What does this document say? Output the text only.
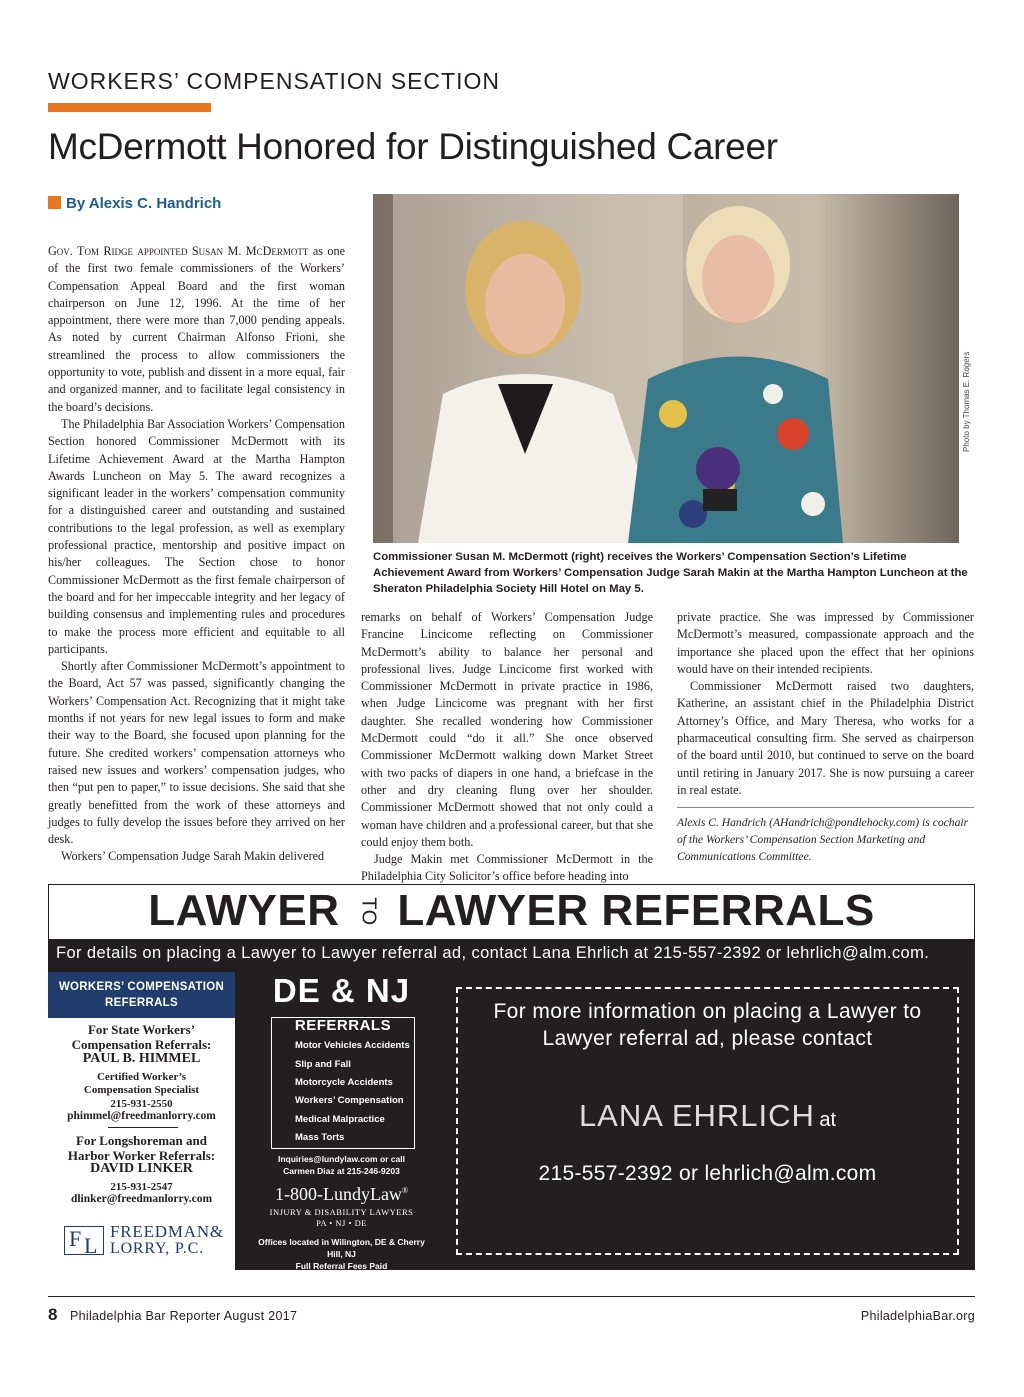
WORKERS’ COMPENSATION SECTION
McDermott Honored for Distinguished Career
By Alexis C. Handrich

Gov. Tom Ridge appointed Susan M. McDermott as one of the first two female commissioners of the Workers’ Compensation Appeal Board and the first woman chairperson on June 12, 1996. At the time of her appointment, there were more than 7,000 pending appeals. As noted by current Chairman Alfonso Frioni, she streamlined the process to allow commissioners the opportunity to vote, publish and dissent in a more equal, fair and organized manner, and to facilitate legal consistency in the board’s decisions.

The Philadelphia Bar Association Workers’ Compensation Section honored Commissioner McDermott with its Lifetime Achievement Award at the Martha Hampton Awards Luncheon on May 5. The award recognizes a significant leader in the workers’ compensation community for a distinguished career and outstanding and sustained contributions to the legal profession, as well as exemplary professional practice, mentorship and positive impact on his/her colleagues. The Section chose to honor Commissioner McDermott as the first female chairperson of the board and for her impeccable integrity and her legacy of building consensus and implementing rules and procedures to make the process more efficient and equitable to all participants.

Shortly after Commissioner McDermott’s appointment to the Board, Act 57 was passed, significantly changing the Workers’ Compensation Act. Recognizing that it might take months if not years for new legal issues to form and make their way to the Board, she focused upon planning for the future. She credited workers’ compensation attorneys who raised new issues and workers’ compensation judges, who then “put pen to paper,” to issue decisions. She said that she greatly benefitted from the work of these attorneys and judges to fully develop the issues before they arrived on her desk.

Workers’ Compensation Judge Sarah Makin delivered

Photo by Thomas E. Rogers
Commissioner Susan M. McDermott (right) receives the Workers’ Compensation Section’s Lifetime Achievement Award from Workers’ Compensation Judge Sarah Makin at the Martha Hampton Luncheon at the Sheraton Philadelphia Society Hill Hotel on May 5.

remarks on behalf of Workers’ Compensation Judge Francine Lincicome reflecting on Commissioner McDermott’s ability to balance her personal and professional lives. Judge Lincicome first worked with Commissioner McDermott in private practice in 1986, when Judge Lincicome was pregnant with her first daughter. She recalled wondering how Commissioner McDermott could “do it all.” She once observed Commissioner McDermott walking down Market Street with two packs of diapers in one hand, a briefcase in the other and dry cleaning flung over her shoulder. Commissioner McDermott showed that not only could a woman have children and a professional career, but that she could enjoy them both.

Judge Makin met Commissioner McDermott in the Philadelphia City Solicitor’s office before heading into

private practice. She was impressed by Commissioner McDermott’s measured, compassionate approach and the importance she placed upon the effect that her opinions would have on their intended recipients.

Commissioner McDermott raised two daughters, Katherine, an assistant chief in the Philadelphia District Attorney’s Office, and Mary Theresa, who works for a pharmaceutical consulting firm. She served as chairperson of the board until 2010, but continued to serve on the board until retiring in January 2017. She is now pursuing a career in real estate.

Alexis C. Handrich (AHandrich@pondlehocky.com) is cochair of the Workers’ Compensation Section Marketing and Communications Committee.
LAWYER TO LAWYER REFERRALS
For details on placing a Lawyer to Lawyer referral ad, contact Lana Ehrlich at 215-557-2392 or lehrlich@alm.com.
WORKERS’ COMPENSATION
REFERRALS
For State Workers’
Compensation Referrals:
PAUL B. HIMMEL
Certified Worker’s
Compensation Specialist
215-931-2550
phimmel@freedmanlorry.com
For Longshoreman and
Harbor Worker Referrals:
DAVID LINKER
215-931-2547
dlinker@freedmanlorry.com
F L
FREEDMAN&
LORRY, P.C.
DE & NJ
REFERRALS
Motor Vehicles Accidents
Slip and Fall
Motorcycle Accidents
Workers’ Compensation
Medical Malpractice
Mass Torts
Inquiries@lundylaw.com or call
Carmen Diaz at 215-246-9203
1-800-LundyLaw®
INJURY & DISABILITY LAWYERS
PA • NJ • DE
Offices located in Wilington, DE & Cherry Hill, NJ
Full Referral Fees Paid
For more information on placing a Lawyer to Lawyer referral ad, please contact
LANA EHRLICH at
215-557-2392 or lehrlich@alm.com
8 Philadelphia Bar Reporter August 2017	PhiladelphiaBar.org
